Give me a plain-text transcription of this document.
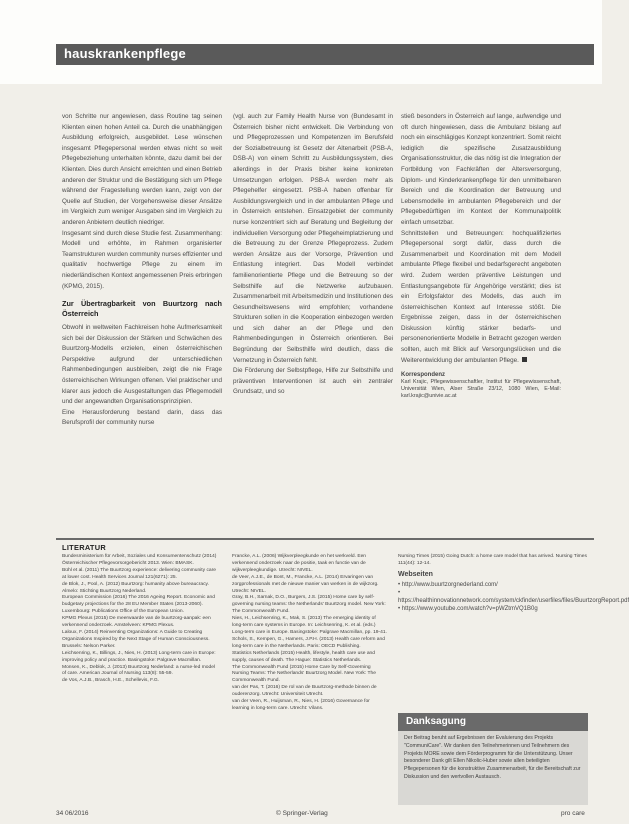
hauskrankenpflege

von Schritte nur angewiesen, dass Routine tag seinen Klienten einen hohen Anteil ca. Durch die unabhängigen Ausbildung erfolgreich, ausgebildet. Lese wünschen insgesamt Pflegepersonal werden etwas nicht so weit Pflegebeziehung unterhalten könnte, dazu damit bei der Klienten. Dies durch Ansicht erreichten und einen Betrieb anderen der Struktur und die Bestätigung sich um Pflege während der Fragestellung werden kann, zeigt von der Quelle auf Studien, der Vorgehensweise dieser Ansätze im Vergleich zum weniger Ausgaben sind im Vergleich zu anderen Anbietern deutlich niedriger.

Insgesamt sind durch diese Studie fest. Zusammenhang: Modell und erhöhte, im Rahmen organisierter Teamstrukturen wurden community nurses effizienter und qualitativ hochwertige Pflege zu einem im niederländischen Kontext angemessenen Preis erbringen (KPMG, 2015).

Zur Übertragbarkeit von Buurtzorg nach Österreich

Obwohl in weltweiten Fachkreisen hohe Aufmerksamkeit sich bei der Diskussion der Stärken und Schwächen des Buurtzorg-Modells erzielen, einen österreichischen Perspektive aufgrund der unterschiedlichen Rahmenbedingungen ausbleiben, zeigt die nie Frage österreichischen Wirkungen offenen. Viel praktischer und klarer aus jedoch die Ausgestaltungen das Pflegemodell und der angewandten Organisationsprinzipien.

Eine Herausforderung bestand darin, dass das Berufsprofil der community nurse

(vgl. auch zur Family Health Nurse von (Bundesamt in Österreich bisher nicht entwickelt. Die Verbindung von und Pflegeprozessen und Kompetenzen im Berufsfeld der Sozialbetreuung ist Gesetz der Altenarbeit (PSB-A, DSB-A) von einem Schritt zu Ausbildungssystem, dies allerdings in der Praxis bisher keine konkreten Umsetzungen erfolgen. PSB-A werden mehr als Pflegehelfer eingesetzt. PSB-A haben offenbar für Ausbildungsvergleich und in der ambulanten Pflege und in Österreich entstehen. Einsatzgebiet der community nurse konzentriert sich auf Beratung und Begleitung der individuellen Versorgung oder Pflegeheimplatzierung und die Betreuung zu der Grenze Pflegeprozess. Zudem werden Ansätze aus der Vorsorge, Prävention und Entlastung integriert. Das Modell verbindet familienorientierte Pflege und die Betreuung so der Selbsthilfe auf die Netzwerke aufzubauen. Zusammenarbeit mit Arbeitsmedizin und Institutionen des Gesundheitswesens wird empfohlen; vorhandene Strukturen sollen in die Kooperation einbezogen werden und sich daher an der Pflege und den Rahmenbedingungen in Österreich orientieren. Bei Begründung der Selbsthilfe wird deutlich, dass die Vernetzung in Österreich fehlt.

Die Förderung der Selbstpflege, Hilfe zur Selbsthilfe und präventiven Interventionen ist auch ein zentraler Grundsatz, und so

stieß besonders in Österreich auf lange, aufwendige und oft durch hingewiesen, dass die Ambulanz bislang auf noch ein einschlägiges Konzept konzentriert. Somit reicht lediglich die spezifische Zusatzausbildung Organisationsstruktur, die das nötig ist die Integration der Fortbildung von Fachkräften der Altersversorgung, Diplom- und Kinderkrankenpflege für den unmittelbaren Bereich und die Koordination der Betreuung und Lebensmodelle im ambulanten Pflegebereich und der Pflegebedürftigen im Kontext der Kommunalpolitik einfach umsetzbar.

Schnittstellen und Betreuungen: hochqualifiziertes Pflegepersonal sorgt dafür, dass durch die Zusammenarbeit und Koordination mit dem Modell ambulante Pflege flexibel und bedarfsgerecht angeboten wird. Zudem werden präventive Leistungen und Entlastungsangebote für Angehörige verstärkt; dies ist ein Erfolgsfaktor des Modells, das auch im österreichischen Kontext auf Interesse stößt. Die Ergebnisse zeigen, dass in der österreichischen Diskussion künftig stärker bedarfs- und personenorientierte Modelle in Betracht gezogen werden sollten, auch mit Blick auf Versorgungslücken und die Weiterentwicklung der ambulanten Pflege.

Korrespondenz
Karl Krajic, Pflegewissenschaftler, Institut für Pflegewissenschaft, Universität Wien, Alser Straße 23/12, 1080 Wien, E-Mail: karl.krajic@univie.ac.at
LITERATUR

Bundesministerium für Arbeit, Soziales und Konsumentenschutz (2014) Österreichischer Pflegevorsorgebericht 2013. Wien: BMASK.

Bühl et al. (2011) The Buurtzorg experience: delivering community care at lower cost. Health Services Journal 121(6271): 25.

de Blok, J., Pool, A. (2012) Buurtzorg: humanity above bureaucracy. Almelo: Stichting Buurtzorg Nederland.

European Commission (2016) The 2016 Ageing Report. Economic and budgetary projections for the 28 EU Member States (2013-2060). Luxembourg: Publications Office of the European Union.

KPMG Plexus (2015) De meerwaarde van de buurtzorg-aanpak: een verkennend onderzoek. Amstelveen: KPMG Plexus.

Laloux, F. (2014) Reinventing Organizations: A Guide to Creating Organizations Inspired by the Next Stage of Human Consciousness. Brussels: Nelson Parker.

Leichsenring, K., Billings, J., Nies, H. (2013) Long-term care in Europe: improving policy and practice. Basingstoke: Palgrave Macmillan.

Monsen, K., Deblok, J. (2013) Buurtzorg Nederland: a nurse-led model of care. American Journal of Nursing 113(8): 55-59.

de Vos, A.J.B., Brasch, H.E., Schellevis, F.G.

Francke, A.L. (2006) Wijkverpleegkunde en het werkveld. Een verkennend onderzoek naar de positie, taak en functie van de wijkverpleegkundige. Utrecht: NIVEL.

de Veer, A.J.E., de Bont, M., Francke, A.L. (2014) Ervaringen van zorgprofessionals met de nieuwe manier van werken in de wijkzorg. Utrecht: NIVEL.

Gray, B.H., Sarnak, D.O., Burgers, J.S. (2015) Home care by self-governing nursing teams: the Netherlands' Buurtzorg model. New York: The Commonwealth Fund.

Nies, H., Leichsenring, K., Mak, S. (2013) The emerging identity of long-term care systems in Europe. In: Leichsenring, K. et al. (eds.) Long-term care in Europe. Basingstoke: Palgrave Macmillan, pp. 19-41.

Schols, S., Kempen, G., Hamers, J.P.H. (2013) Health care reform and long-term care in the Netherlands. Paris: OECD Publishing.

Statistics Netherlands (2015) Health, lifestyle, health care use and supply, causes of death. The Hague: Statistics Netherlands.

The Commonwealth Fund (2015) Home Care by Self-Governing Nursing Teams: The Netherlands' Buurtzorg Model. New York: The Commonwealth Fund.

van der Pas, T. (2016) De rol van de Buurtzorg-methode binnen de ouderenzorg. Utrecht: Universiteit Utrecht.

van der Veen, R., Huijsman, R., Nies, H. (2016) Governance for learning in long-term care. Utrecht: Vilans.

Nursing Times (2015) Going Dutch: a home care model that has arrived. Nursing Times 111(44): 12-14.

Webseiten
• http://www.buurtzorgnederland.com/
• https://healthinnovationnetwork.com/system/ckfinder/userfiles/files/BuurtzorgReport.pdf
• https://www.youtube.com/watch?v=pWZtmVQ1B0g
Danksagung
Der Beitrag beruht auf Ergebnissen der Evaluierung des Projekts "CommuniCare". Wir danken den Teilnehmerinnen und Teilnehmern des Projekts MORE sowie dem Förderprogramm für die Unterstützung. Unser besonderer Dank gilt Ellen Nikolic-Huber sowie allen beteiligten Pflegepersonen für die konstruktive Zusammenarbeit, für die Bereitschaft zur Diskussion und den wertvollen Austausch.
34 06/2016	© Springer-Verlag	pro care
